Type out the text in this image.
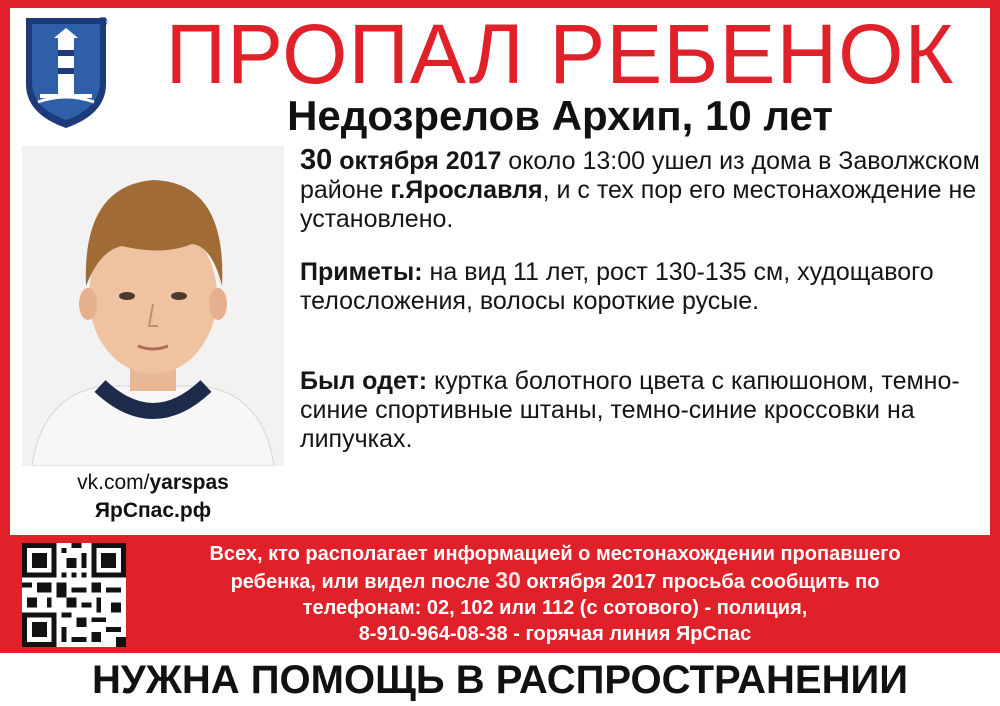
© ПРОПАЛ РЕБЕНОК
Недозрелов Архип, 10 лет
vk.com/yarspas
ЯрСпас.рф
30 октября 2017 около 13:00 ушел из дома в Заволжском районе г.Ярославля, и с тех пор его местонахождение не установлено.
Приметы: на вид 11 лет, рост 130-135 см, худощавого телосложения, волосы короткие русые.
Был одет: куртка болотного цвета с капюшоном, темно-синие спортивные штаны, темно-синие кроссовки на липучках.
Всех, кто располагает информацией о местонахождении пропавшего
ребенка, или видел после 30 октября 2017 просьба сообщить по
телефонам: 02, 102 или 112 (с сотового) - полиция,
8-910-964-08-38 - горячая линия ЯрСпас
НУЖНА ПОМОЩЬ В РАСПРОСТРАНЕНИИ
